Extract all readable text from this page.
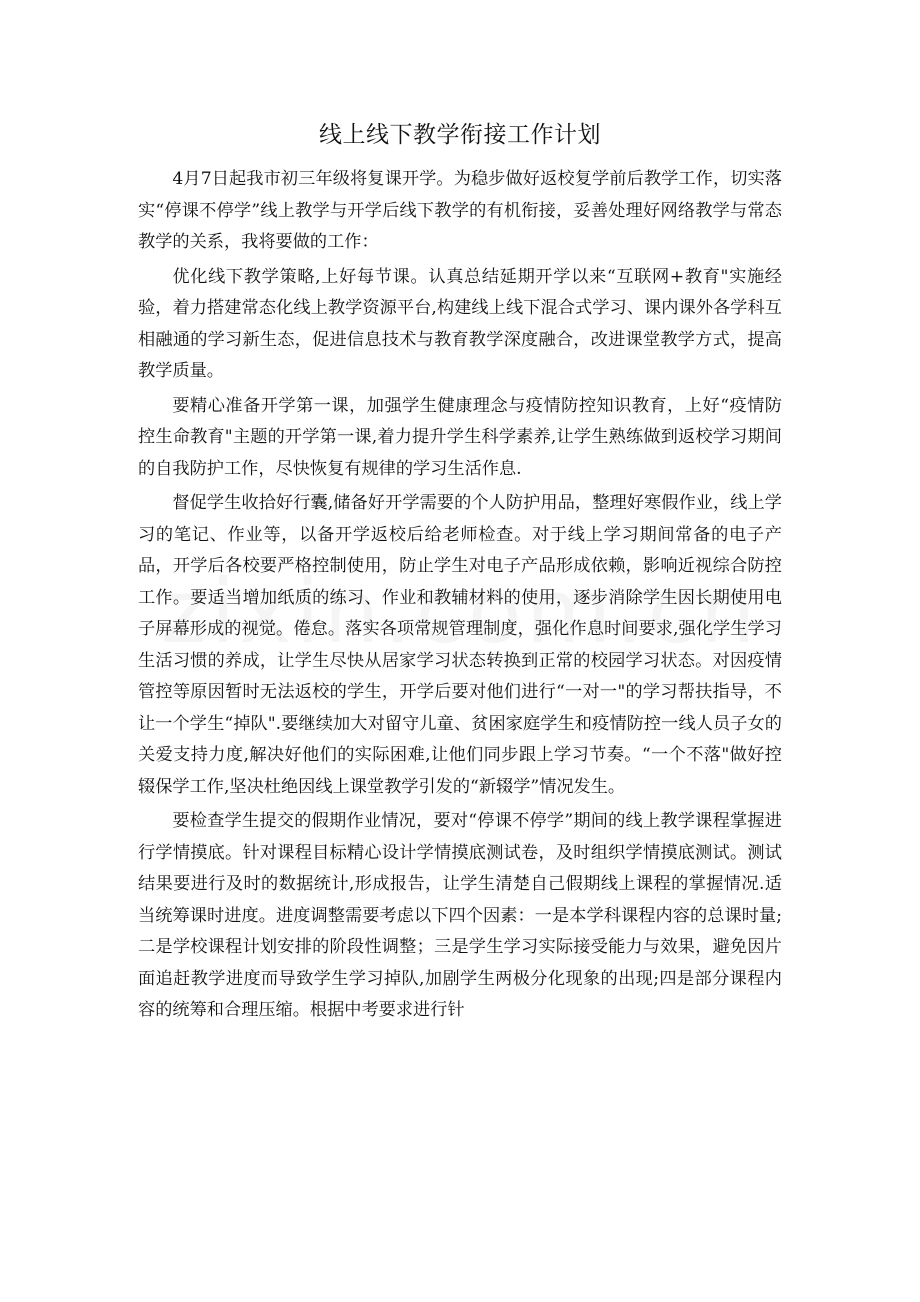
线上线下教学衔接工作计划

4月7日起我市初三年级将复课开学。为稳步做好返校复学前后教学工作，切实落实“停课不停学”线上教学与开学后线下教学的有机衔接，妥善处理好网络教学与常态教学的关系，我将要做的工作：

优化线下教学策略,上好每节课。认真总结延期开学以来“互联网+教育"实施经验，着力搭建常态化线上教学资源平台,构建线上线下混合式学习、课内课外各学科互相融通的学习新生态，促进信息技术与教育教学深度融合，改进课堂教学方式，提高教学质量。

要精心准备开学第一课，加强学生健康理念与疫情防控知识教育，上好“疫情防控生命教育"主题的开学第一课,着力提升学生科学素养,让学生熟练做到返校学习期间的自我防护工作，尽快恢复有规律的学习生活作息.

督促学生收拾好行囊,储备好开学需要的个人防护用品，整理好寒假作业，线上学习的笔记、作业等，以备开学返校后给老师检查。对于线上学习期间常备的电子产品，开学后各校要严格控制使用，防止学生对电子产品形成依赖，影响近视综合防控工作。要适当增加纸质的练习、作业和教辅材料的使用，逐步消除学生因长期使用电子屏幕形成的视觉。倦怠。落实各项常规管理制度，强化作息时间要求,强化学生学习生活习惯的养成，让学生尽快从居家学习状态转换到正常的校园学习状态。对因疫情管控等原因暂时无法返校的学生，开学后要对他们进行“一对一"的学习帮扶指导，不让一个学生“掉队".要继续加大对留守儿童、贫困家庭学生和疫情防控一线人员子女的关爱支持力度,解决好他们的实际困难,让他们同步跟上学习节奏。“一个不落"做好控辍保学工作,坚决杜绝因线上课堂教学引发的“新辍学”情况发生。

要检查学生提交的假期作业情况，要对“停课不停学”期间的线上教学课程掌握进行学情摸底。针对课程目标精心设计学情摸底测试卷，及时组织学情摸底测试。测试结果要进行及时的数据统计,形成报告，让学生清楚自己假期线上课程的掌握情况.适当统筹课时进度。进度调整需要考虑以下四个因素：一是本学科课程内容的总课时量;二是学校课程计划安排的阶段性调整；三是学生学习实际接受能力与效果，避免因片面追赶教学进度而导致学生学习掉队,加剧学生两极分化现象的出现;四是部分课程内容的统筹和合理压缩。根据中考要求进行针
